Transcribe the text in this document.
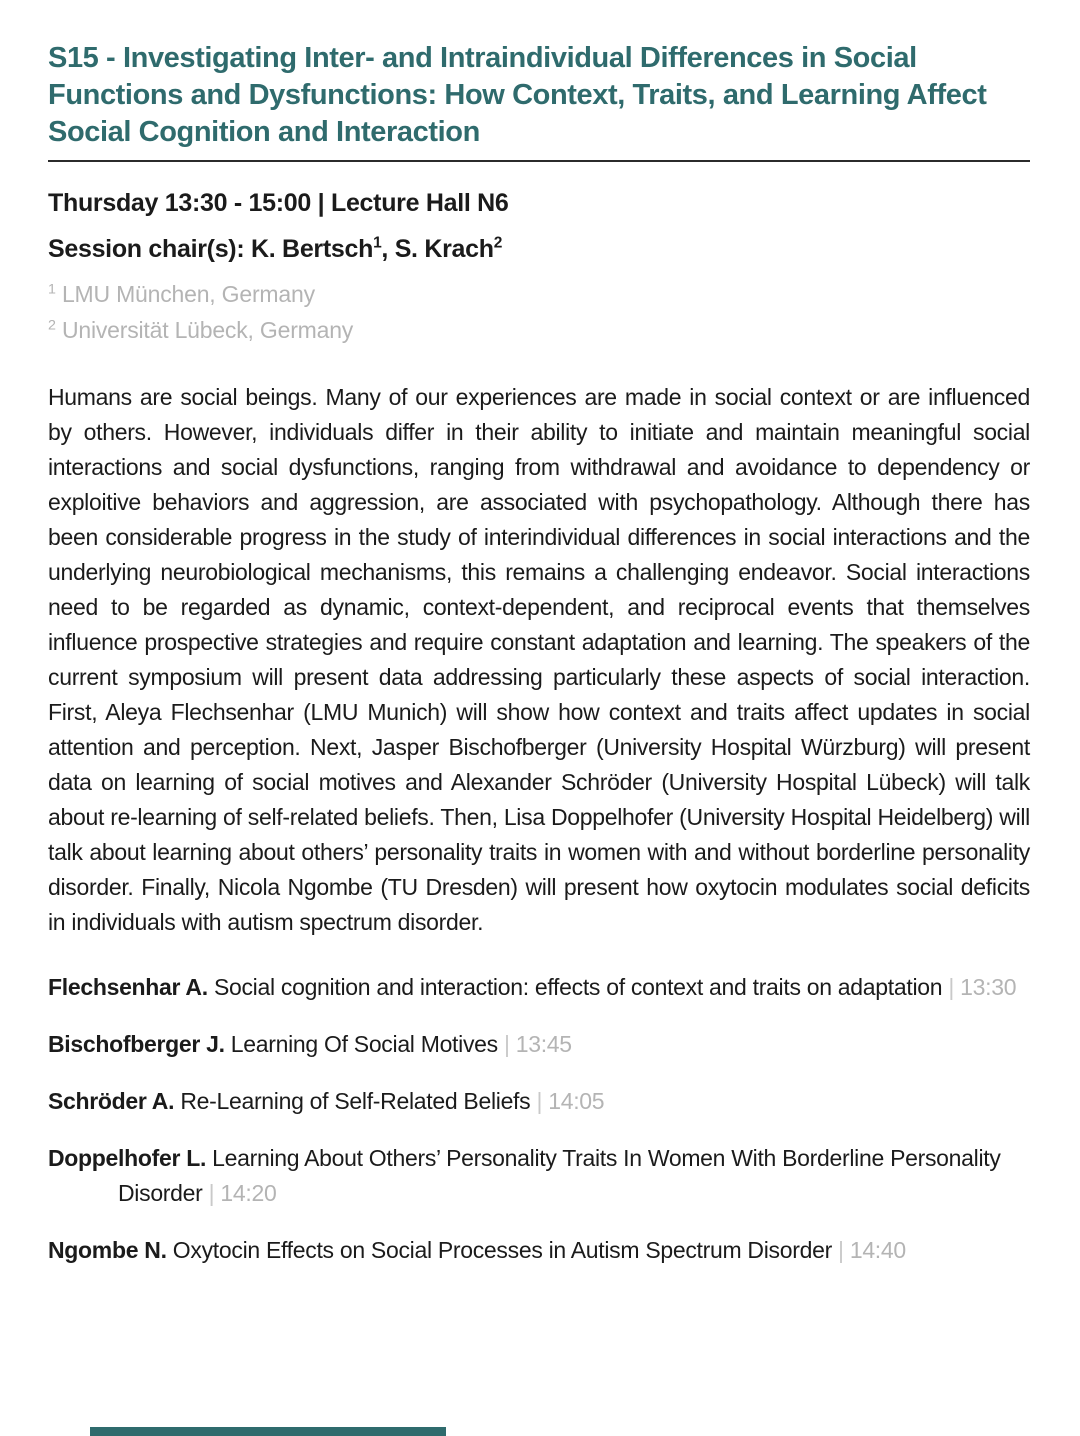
S15 - Investigating Inter- and Intraindividual Differences in Social Functions and Dysfunctions: How Context, Traits, and Learning Affect Social Cognition and Interaction

Thursday 13:30 - 15:00 | Lecture Hall N6

Session chair(s): K. Bertsch$^1$, S. Krach$^2$

$^1$ LMU München, Germany
$^2$ Universität Lübeck, Germany

Humans are social beings. Many of our experiences are made in social context or are influenced by others. However, individuals differ in their ability to initiate and maintain meaningful social interactions and social dysfunctions, ranging from withdrawal and avoidance to dependency or exploitive behaviors and aggression, are associated with psychopathology. Although there has been considerable progress in the study of interindividual differences in social interactions and the underlying neurobiological mechanisms, this remains a challenging endeavor. Social interactions need to be regarded as dynamic, context-dependent, and reciprocal events that themselves influence prospective strategies and require constant adaptation and learning. The speakers of the current symposium will present data addressing particularly these aspects of social interaction. First, Aleya Flechsenhar (LMU Munich) will show how context and traits affect updates in social attention and perception. Next, Jasper Bischofberger (University Hospital Würzburg) will present data on learning of social motives and Alexander Schröder (University Hospital Lübeck) will talk about re-learning of self-related beliefs. Then, Lisa Doppelhofer (University Hospital Heidelberg) will talk about learning about others’ personality traits in women with and without borderline personality disorder. Finally, Nicola Ngombe (TU Dresden) will present how oxytocin modulates social deficits in individuals with autism spectrum disorder.

Flechsenhar A. Social cognition and interaction: effects of context and traits on adaptation | 13:30

Bischofberger J. Learning Of Social Motives | 13:45

Schröder A. Re-Learning of Self-Related Beliefs | 14:05

Doppelhofer L. Learning About Others’ Personality Traits In Women With Borderline Personality Disorder | 14:20

Ngombe N. Oxytocin Effects on Social Processes in Autism Spectrum Disorder | 14:40
